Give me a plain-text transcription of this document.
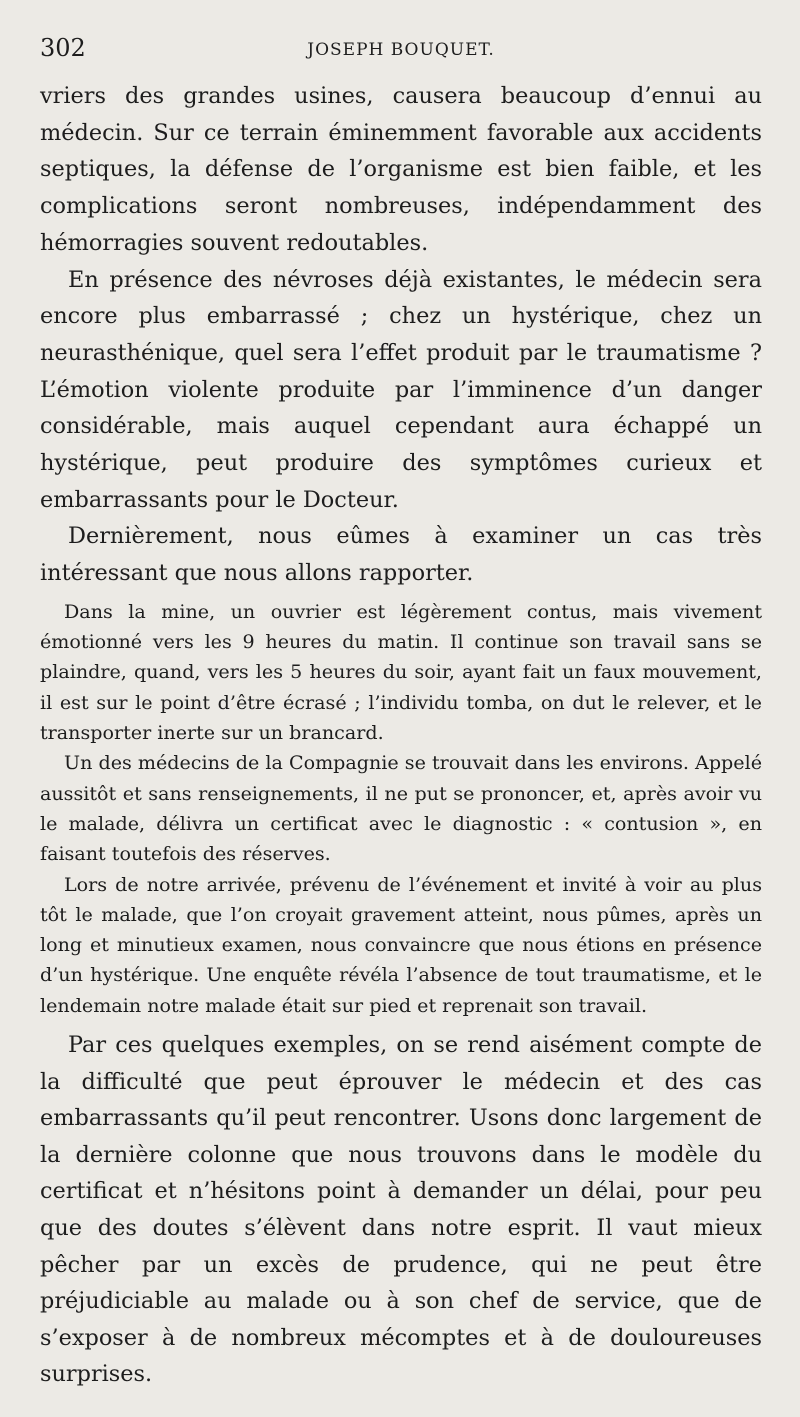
302	JOSEPH BOUQUET.

vriers des grandes usines, causera beaucoup d’ennui au médecin. Sur ce terrain éminemment favorable aux accidents septiques, la défense de l’organisme est bien faible, et les complications seront nombreuses, indépendamment des hémorragies souvent redoutables.

En présence des névroses déjà existantes, le médecin sera encore plus embarrassé ; chez un hystérique, chez un neurasthénique, quel sera l’effet produit par le traumatisme ? L’émotion violente produite par l’imminence d’un danger considérable, mais auquel cependant aura échappé un hystérique, peut produire des symptômes curieux et embarrassants pour le Docteur.

Dernièrement, nous eûmes à examiner un cas très intéressant que nous allons rapporter.

Dans la mine, un ouvrier est légèrement contus, mais vivement émotionné vers les 9 heures du matin. Il continue son travail sans se plaindre, quand, vers les 5 heures du soir, ayant fait un faux mouvement, il est sur le point d’être écrasé ; l’individu tomba, on dut le relever, et le transporter inerte sur un brancard.

Un des médecins de la Compagnie se trouvait dans les environs. Appelé aussitôt et sans renseignements, il ne put se prononcer, et, après avoir vu le malade, délivra un certificat avec le diagnostic : « contusion », en faisant toutefois des réserves.

Lors de notre arrivée, prévenu de l’événement et invité à voir au plus tôt le malade, que l’on croyait gravement atteint, nous pûmes, après un long et minutieux examen, nous convaincre que nous étions en présence d’un hystérique. Une enquête révéla l’absence de tout traumatisme, et le lendemain notre malade était sur pied et reprenait son travail.

Par ces quelques exemples, on se rend aisément compte de la difficulté que peut éprouver le médecin et des cas embarrassants qu’il peut rencontrer. Usons donc largement de la dernière colonne que nous trouvons dans le modèle du certificat et n’hésitons point à demander un délai, pour peu que des doutes s’élèvent dans notre esprit. Il vaut mieux pêcher par un excès de prudence, qui ne peut être préjudiciable au malade ou à son chef de service, que de s’exposer à de nombreux mécomptes et à de douloureuses surprises.
